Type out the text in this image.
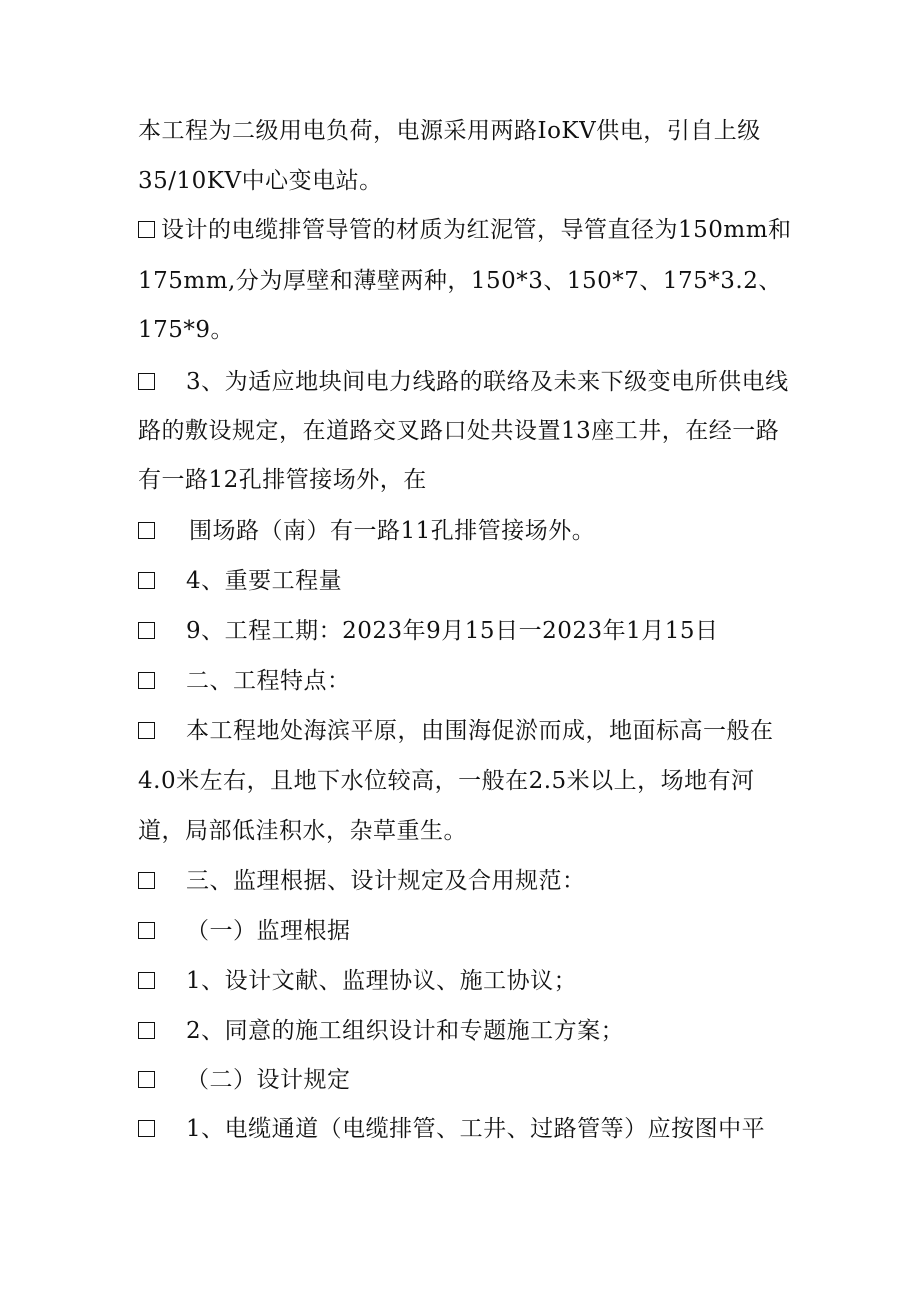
本工程为二级用电负荷，电源采用两路IoKV供电，引自上级
35/10KV中心变电站。
设计的电缆排管导管的材质为红泥管，导管直径为150mm和
175mm,分为厚壁和薄壁两种，150*3、150*7、175*3.2、
175*9。
3、为适应地块间电力线路的联络及未来下级变电所供电线
路的敷设规定，在道路交叉路口处共设置13座工井，在经一路
有一路12孔排管接场外，在
围场路（南）有一路11孔排管接场外。
4、重要工程量
9、工程工期：2023年9月15日一2023年1月15日
二、工程特点：
本工程地处海滨平原，由围海促淤而成，地面标高一般在
4.0米左右，且地下水位较高，一般在2.5米以上，场地有河
道，局部低洼积水，杂草重生。
三、监理根据、设计规定及合用规范：
（一）监理根据
1、设计文献、监理协议、施工协议；
2、同意的施工组织设计和专题施工方案；
（二）设计规定
1、电缆通道（电缆排管、工井、过路管等）应按图中平
